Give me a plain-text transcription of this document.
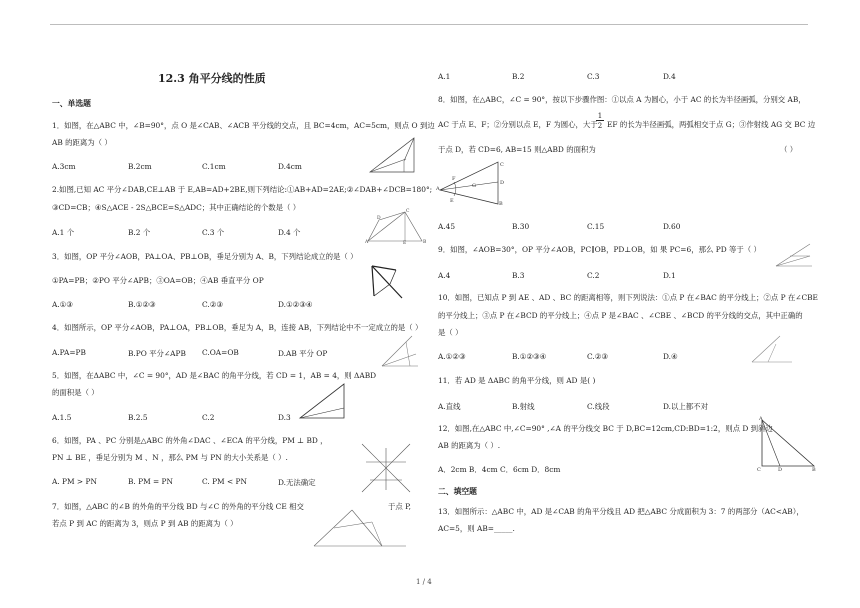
12.3 角平分线的性质
一、单选题
1．如图，在△ABC 中，∠B=90°，点 O 是∠CAB、∠ACB 平分线的交点，且 BC=4cm，AC=5cm，则点 O 到边
AB 的距离为（ ）
A.3cm	B.2cm	C.1cm	D.4cm
2.如图,已知 AC 平分∠DAB,CE⊥AB 于 E,AB=AD+2BE,则下列结论:①AB+AD=2AE;②∠DAB+∠DCB=180°;
③CD=CB；④S△ACE - 2S△BCE=S△ADC；其中正确结论的个数是（ ）
A.1 个	B.2 个	C.3 个	D.4 个
A	B
C
D
E
3．如图，OP 平分∠AOB，PA⊥OA、PB⊥OB，垂足分别为 A、B，下列结论成立的是（ ）
①PA=PB；②PO 平分∠APB；③OA=OB；④AB 垂直平分 OP
A.①③	B.①②③	C.②③	D.①②③④
4．如图所示，OP 平分∠AOB，PA⊥OA，PB⊥OB，垂足为 A，B，连接 AB，下列结论中不一定成立的是（ ）
A.PA=PB	B.PO 平分∠APB C.OA=OB	D.AB 平分 OP
5．如图，在ΔABC 中，∠C = 90°，AD 是∠BAC 的角平分线，若 CD = 1，AB = 4，则 ΔABD
的面积是（ ）
A.1.5	B.2.5	C.2	D.3
6．如图，PA 、PC 分别是△ABC 的外角∠DAC 、∠ECA 的平分线，PM ⊥ BD ，
PN ⊥ BE ，垂足分别为 M 、N ，那么 PM 与 PN 的大小关系是（ ）.
A. PM > PN	B. PM = PN	C. PM < PN	D.无法确定
7．如图，△ABC 的∠B 的外角的平分线 BD 与∠C 的外角的平分线 CE 相交	于点 P,
若点 P 到 AC 的距离为 3，则点 P 到 AB 的距离为（ ）
A.1	B.2	C.3	D.4
8．如图，在△ABC，∠C = 90°，按以下步骤作图：①以点 A 为圆心，小于 AC 的长为半径画弧，分别交 AB，
AC 于点 E、F；②分别以点 E，F 为圆心，大于
$\frac{1}{2}$ EF 的长为半径画弧，两弧相交于点 G；③作射线 AG 交 BC 边
于点 D，若 CD=6, AB=15 则△ABD 的面积为	（ ）
C
A
B
D
E
F
G
A.45	B.30	C.15	D.60
9．如图，∠AOB=30°，OP 平分∠AOB，PC∥OB，PD⊥OB，如 果 PC=6，那么 PD 等于（ ）
A.4	B.3	C.2	D.1
10．如图，已知点 P 到 AE 、AD 、BC 的距离相等，则下列说法：①点 P 在∠BAC 的平分线上；②点 P 在∠CBE
的平分线上；③点 P 在∠BCD 的平分线上；④点 P 是∠BAC 、∠CBE 、∠BCD 的平分线的交点，其中正确的
是（ ）
A.①②③	B.①②③④	C.②③	D.④
11．若 AD 是 ΔABC 的角平分线，则 AD 是( )
A.直线	B.射线	C.线段	D.以上都不对
12．如图,在△ABC 中,∠C=90° ,∠A 的平分线交 BC 于 D,BC=12cm,CD:BD=1:2，则点 D 到斜边
AB 的距离为（ ）.
A．2cm B．4cm C．6cm D．8cm
A
C	D	B
二、填空题
13．如图所示：△ABC 中，AD 是∠CAB 的角平分线且 AD 把△ABC 分成面积为 3：7 的两部分（AC<AB），
AC=5，则 AB=_____.
1 / 4
